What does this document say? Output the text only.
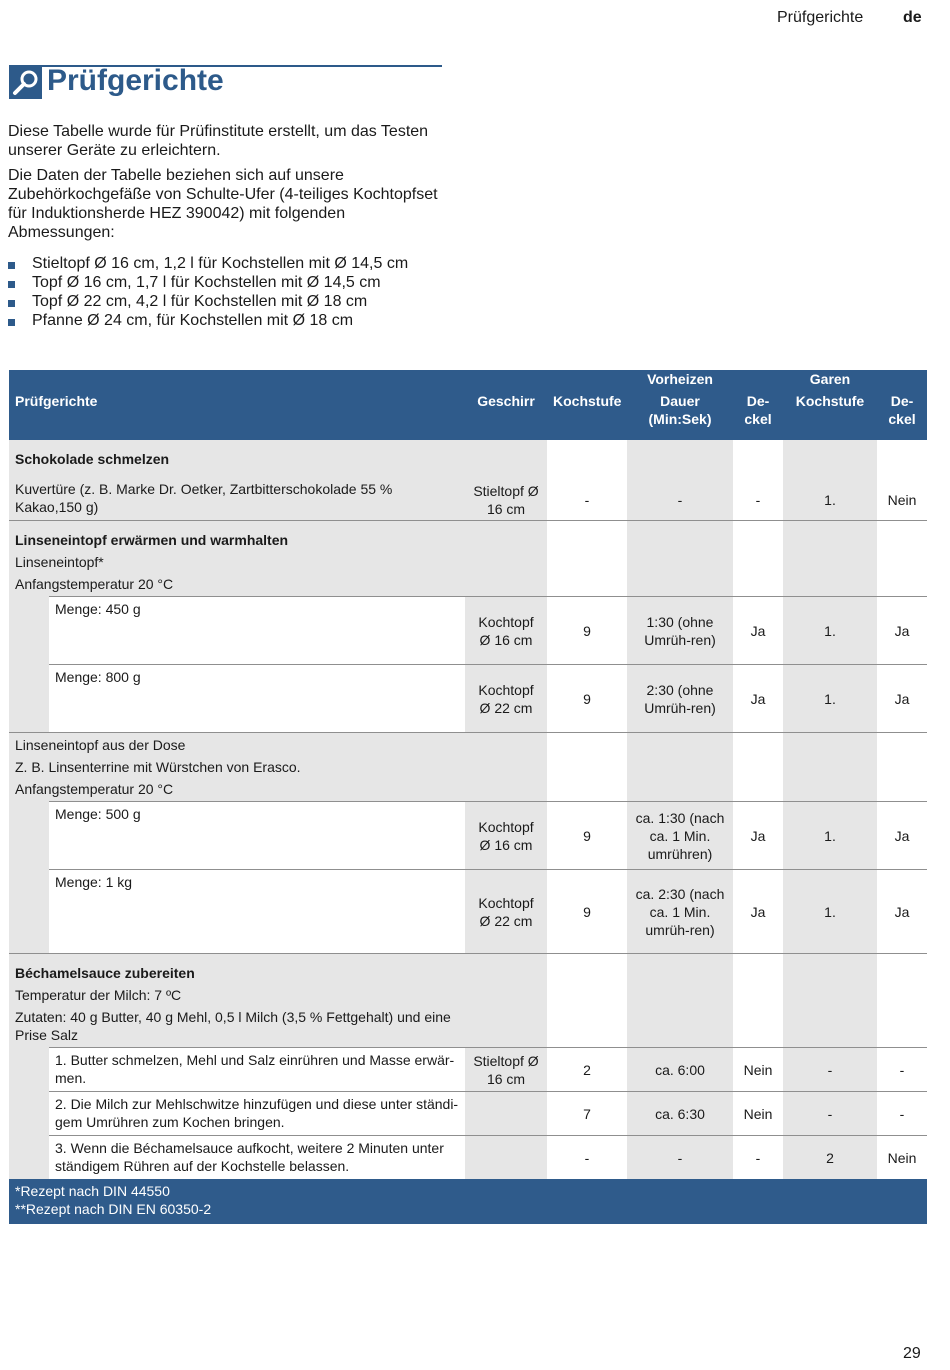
Prüfgerichte de
Prüfgerichte

Diese Tabelle wurde für Prüfinstitute erstellt, um das Testen unserer Geräte zu erleichtern.

Die Daten der Tabelle beziehen sich auf unsere Zubehörkochgefäße von Schulte-Ufer (4-teiliges Kochtopfset für Induktionsherde HEZ 390042) mit folgenden Abmessungen:

Stieltopf Ø 16 cm, 1,2 l für Kochstellen mit Ø 14,5 cm
Topf Ø 16 cm, 1,7 l für Kochstellen mit Ø 14,5 cm
Topf Ø 22 cm, 4,2 l für Kochstellen mit Ø 18 cm
Pfanne Ø 24 cm, für Kochstellen mit Ø 18 cm
				Vorheizen		Garen	
Prüfgerichte		Geschirr	Kochstufe	Dauer (Min:Sek)	De-ckel	Kochstufe	De-ckel
Schokolade schmelzen							
Kuvertüre (z. B. Marke Dr. Oetker, Zartbitterschokolade 55 % Kakao,150 g)		Stieltopf Ø 16 cm	-	-	-	1.	Nein
Linseneintopf erwärmen und warmhalten							
Linseneintopf*							
Anfangstemperatur 20 °C							
	Menge: 450 g	Kochtopf Ø 16 cm	9	1:30 (ohne Umrüh-ren)	Ja	1.	Ja
	Menge: 800 g	Kochtopf Ø 22 cm	9	2:30 (ohne Umrüh-ren)	Ja	1.	Ja
Linseneintopf aus der Dose							
Z. B. Linsenterrine mit Würstchen von Erasco.							
Anfangstemperatur 20 °C							
	Menge: 500 g	Kochtopf Ø 16 cm	9	ca. 1:30 (nach ca. 1 Min. umrühren)	Ja	1.	Ja
	Menge: 1 kg	Kochtopf Ø 22 cm	9	ca. 2:30 (nach ca. 1 Min. umrüh-ren)	Ja	1.	Ja
Béchamelsauce zubereiten							
Temperatur der Milch: 7 ºC							
Zutaten: 40 g Butter, 40 g Mehl, 0,5 l Milch (3,5 % Fettgehalt) und eine Prise Salz							
	1. Butter schmelzen, Mehl und Salz einrühren und Masse erwär-men.	Stieltopf Ø 16 cm	2	ca. 6:00	Nein	-	-
	2. Die Milch zur Mehlschwitze hinzufügen und diese unter ständi-gem Umrühren zum Kochen bringen.		7	ca. 6:30	Nein	-	-
	3. Wenn die Béchamelsauce aufkocht, weitere 2 Minuten unter ständigem Rühren auf der Kochstelle belassen.		-	-	-	2	Nein
*Rezept nach DIN 44550							
**Rezept nach DIN EN 60350-2							
29
